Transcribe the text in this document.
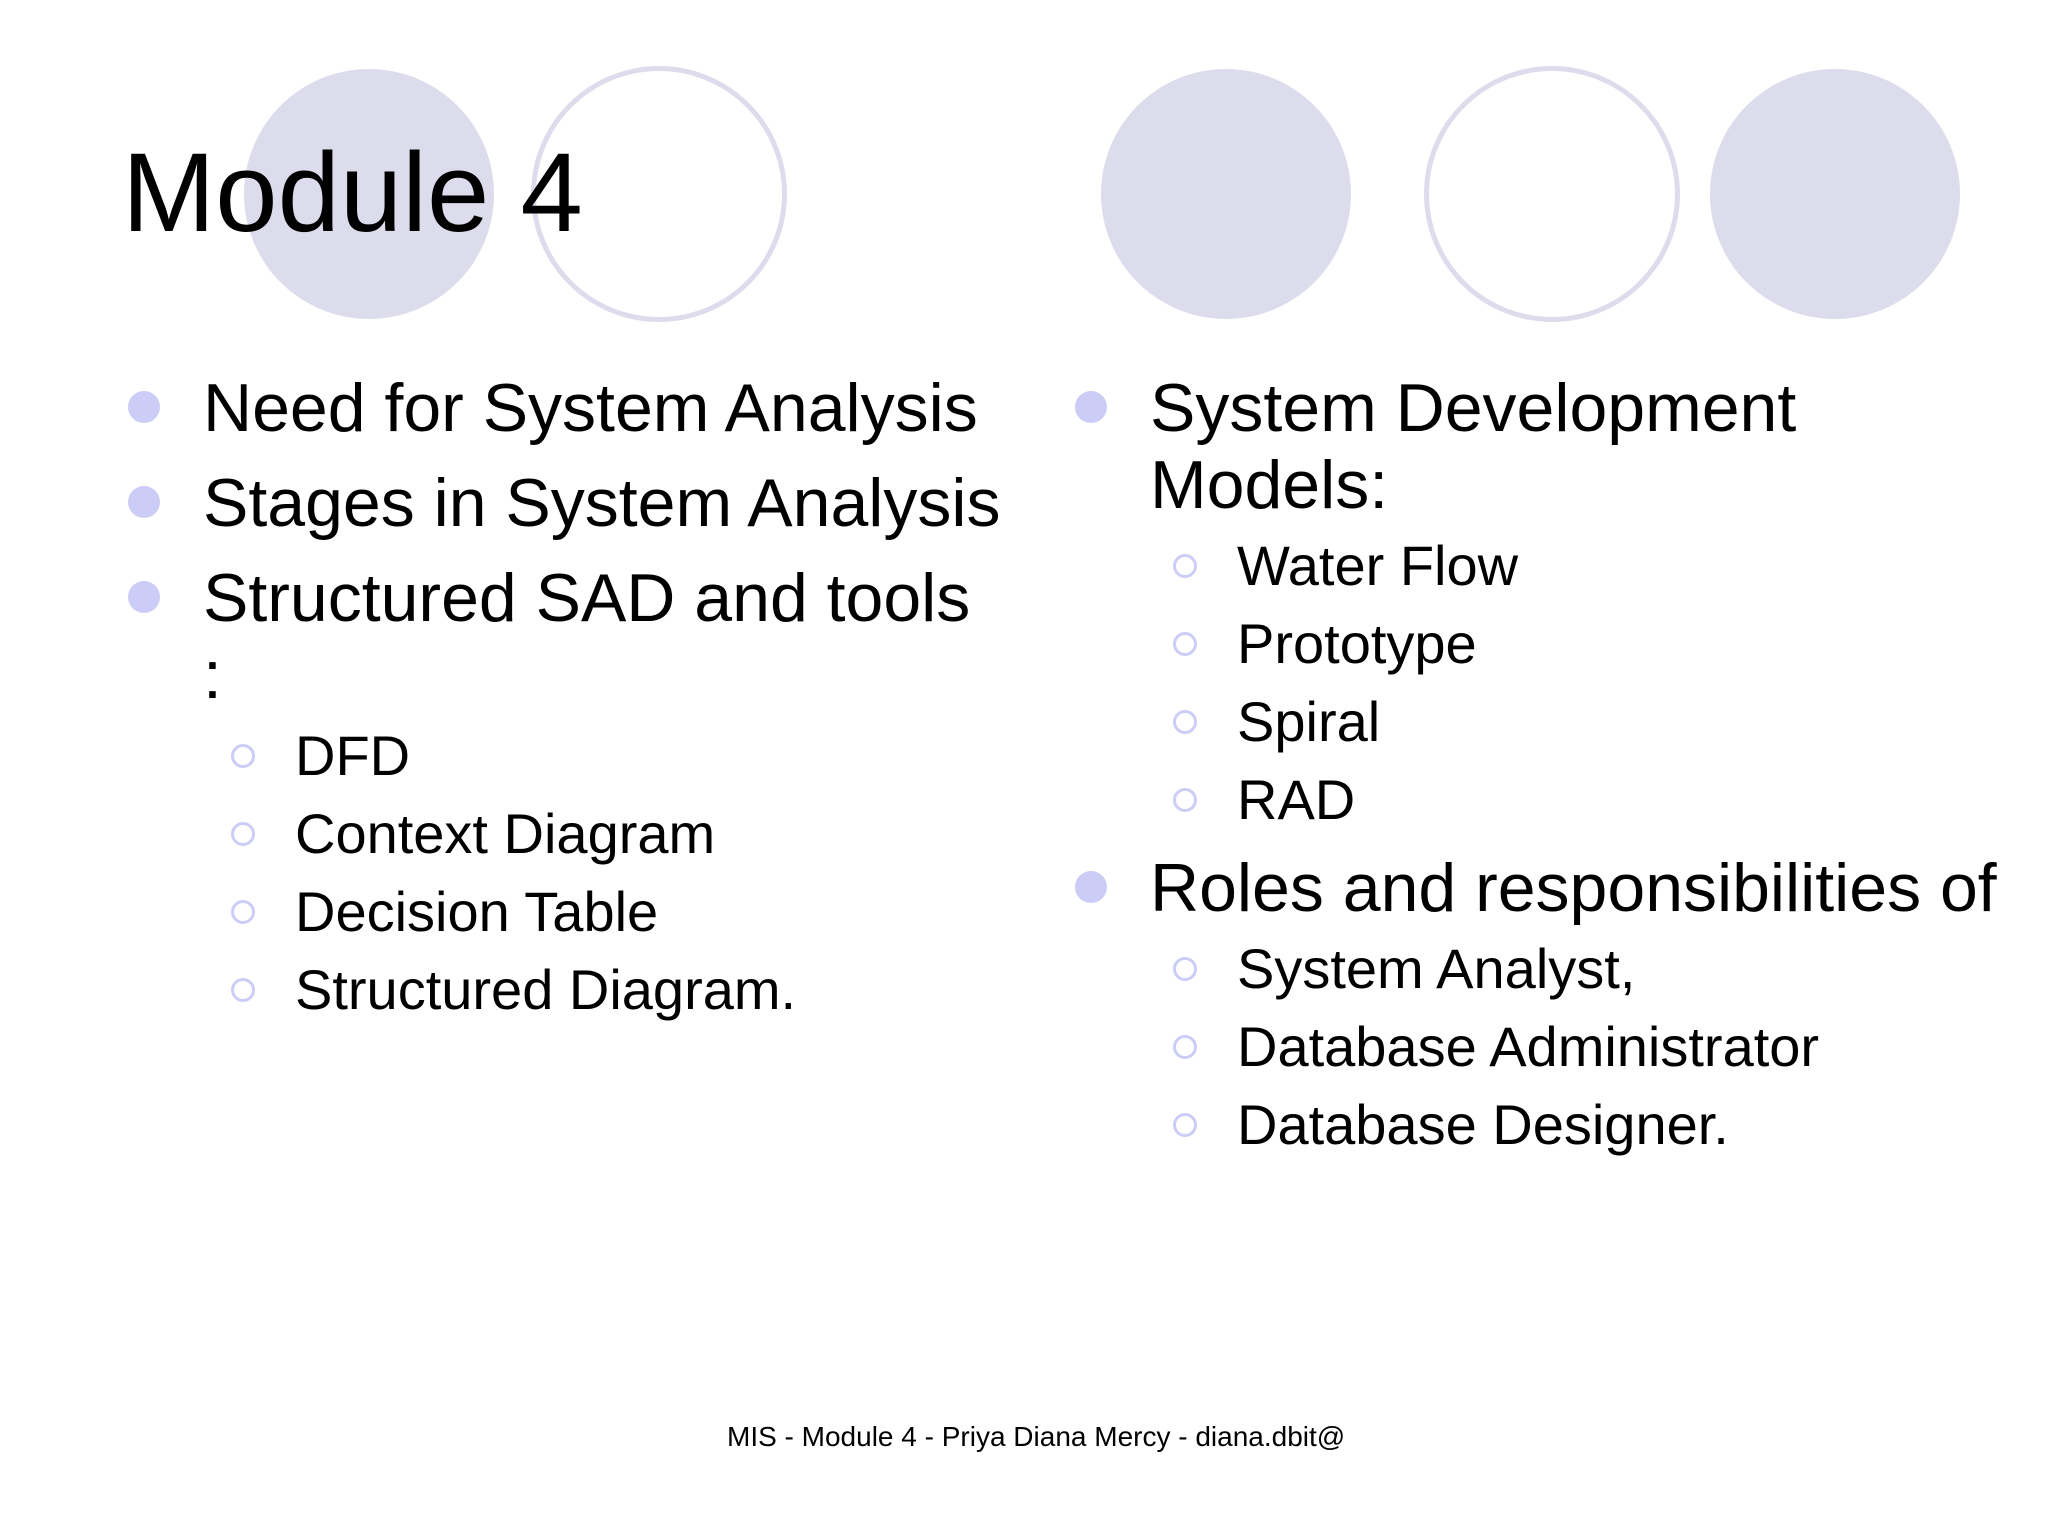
Module 4
Need for System Analysis
Stages in System Analysis
Structured SAD and tools :
DFD
Context Diagram
Decision Table
Structured Diagram.
System Development Models:
Water Flow
Prototype
Spiral
RAD
Roles and responsibilities of
System Analyst,
Database Administrator
Database Designer.
MIS - Module 4 - Priya Diana Mercy - diana.dbit@
